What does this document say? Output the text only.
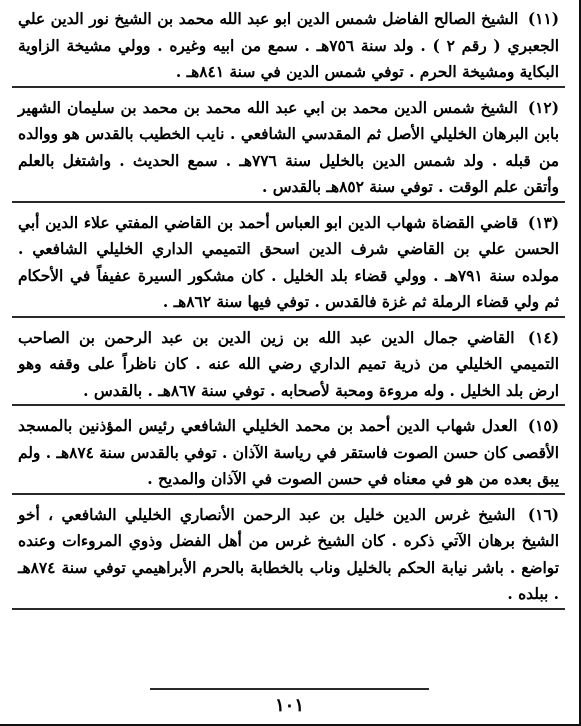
(١١) الشيخ الصالح الفاضل شمس الدين ابو عبد الله محمد بن الشيخ نور الدين علي الجعبري ( رقم ٢ ) . ولد سنة ٧٥٦هـ . سمع من ابيه وغيره . وولي مشيخة الزاوية البكاية ومشيخة الحرم . توفي شمس الدين في سنة ٨٤١هـ .
(١٢) الشيخ شمس الدين محمد بن ابي عبد الله محمد بن محمد بن سليمان الشهير بابن البرهان الخليلي الأصل ثم المقدسي الشافعي . نايب الخطيب بالقدس هو ووالده من قبله . ولد شمس الدين بالخليل سنة ٧٧٦هـ . سمع الحديث . واشتغل بالعلم وأتقن علم الوقت . توفي سنة ٨٥٢هـ بالقدس .
(١٣) قاضي القضاة شهاب الدين ابو العباس أحمد بن القاضي المفتي علاء الدين أبي الحسن علي بن القاضي شرف الدين اسحق التميمي الداري الخليلي الشافعي . مولده سنة ٧٩١هـ . وولي قضاء بلد الخليل . كان مشكور السيرة عفيفاً في الأحكام ثم ولي قضاء الرملة ثم غزة فالقدس . توفي فيها سنة ٨٦٢هـ .
(١٤) القاضي جمال الدين عبد الله بن زين الدين بن عبد الرحمن بن الصاحب التميمي الخليلي من ذرية تميم الداري رضي الله عنه . كان ناظراً على وقفه وهو ارض بلد الخليل . وله مروءة ومحبة لأصحابه . توفي سنة ٨٦٧هـ . بالقدس .
(١٥) العدل شهاب الدين أحمد بن محمد الخليلي الشافعي رئيس المؤذنين بالمسجد الأقصى كان حسن الصوت فاستقر في رياسة الآذان . توفي بالقدس سنة ٨٧٤هـ . ولم يبق بعده من هو في معناه في حسن الصوت في الآذان والمديح .
(١٦) الشيخ غرس الدين خليل بن عبد الرحمن الأنصاري الخليلي الشافعي ، أخو الشيخ برهان الآتي ذكره . كان الشيخ غرس من أهل الفضل وذوي المروءات وعنده تواضع . باشر نيابة الحكم بالخليل وناب بالخطابة بالحرم الأبراهيمي توفي سنة ٨٧٤هـ . ببلده .
١٠١
